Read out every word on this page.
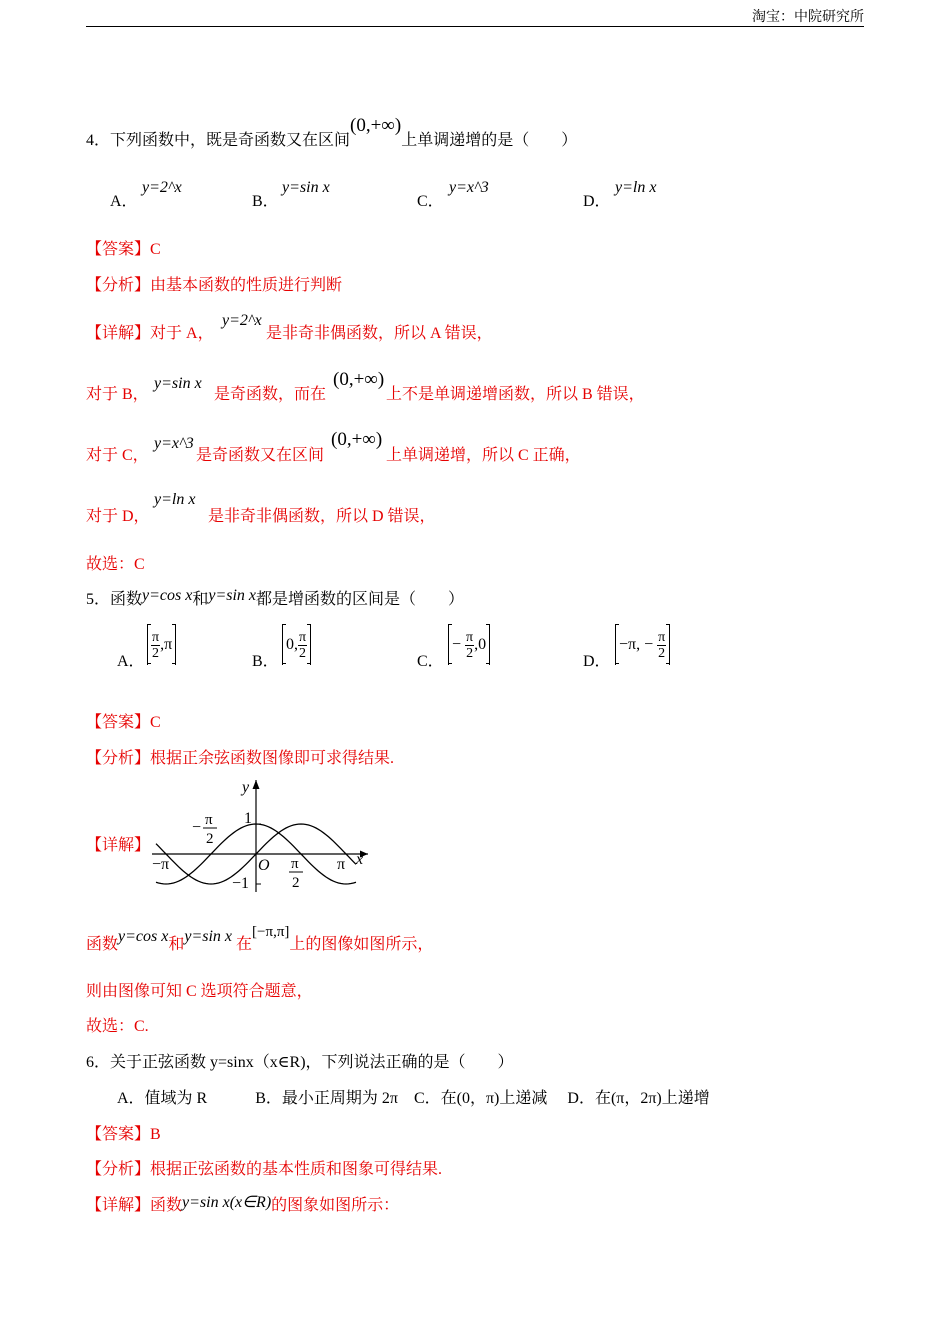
淘宝：中院研究所
4．下列函数中，既是奇函数又在区间(0,+∞)上单调递增的是（　　）
A．
y=2^x
B．
y=sin x
C．
y=x^3
D．
y=ln x
【答案】C
【分析】由基本函数的性质进行判断
【详解】对于 A，
y=2^x
是非奇非偶函数，所以 A 错误，
对于 B，
y=sin x
是奇函数，而在
(0,+∞)
上不是单调递增函数，所以 B 错误，
对于 C，
y=x^3
是奇函数又在区间
(0,+∞)
上单调递增，所以 C 正确，
对于 D，
y=ln x
是非奇非偶函数，所以 D 错误，
故选：C
5．函数y=cos x和y=sin x都是增函数的区间是（　　）
A．
$\frac{\pi}{2}$ , π
B．
0, $\frac{\pi}{2}$
C．
−
$\frac{\pi}{2} ,0$
D．
−π , −
$\frac{\pi}{2}$
【答案】C
【分析】根据正余弦函数图像即可求得结果.
【详解】
y
x
O
1
−1
−π	π
− π
2
π
2
函数y=cos x和y=sin x 在[−π,π]上的图像如图所示，
则由图像可知 C 选项符合题意，
故选：C.
6．关于正弦函数 y=sinx（x∈R)，下列说法正确的是（　　）
A．值域为 R　　　B．最小正周期为 2π　C．在(0，π)上递减　 D．在(π，2π)上递增
【答案】B
【分析】根据正弦函数的基本性质和图象可得结果.
【详解】函数y=sin x(x∈R)的图象如图所示：
